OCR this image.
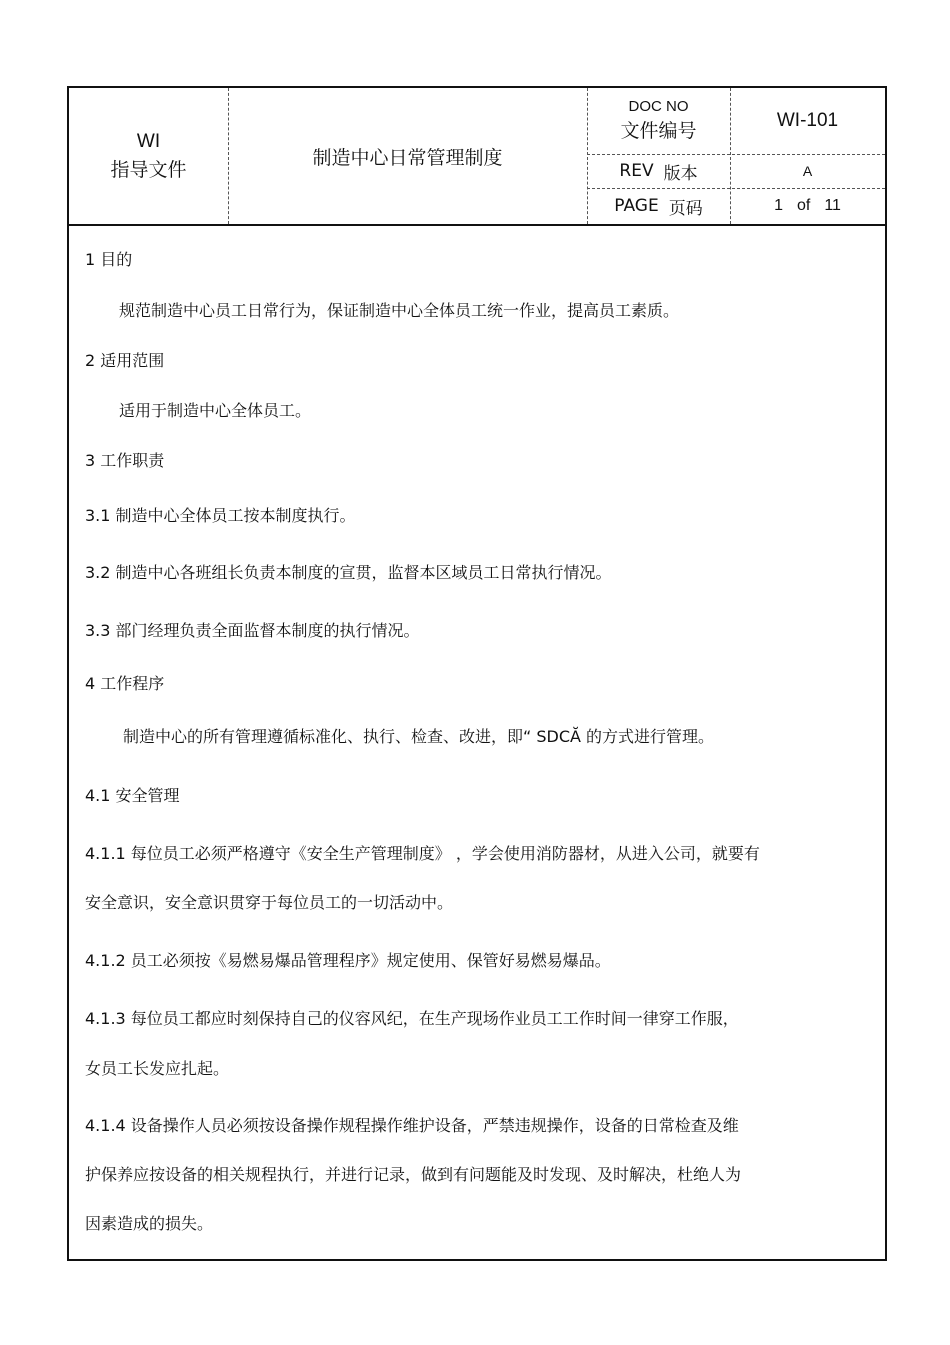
WI
指导文件
制造中心日常管理制度
DOC NO
文件编号	WI-101
REV 版本	A
PAGE 页码	1 of 11
1 目的
规范制造中心员工日常行为，保证制造中心全体员工统一作业，提高员工素质。
2 适用范围
适用于制造中心全体员工。
3 工作职责
3.1 制造中心全体员工按本制度执行。
3.2 制造中心各班组长负责本制度的宣贯，监督本区域员工日常执行情况。
3.3 部门经理负责全面监督本制度的执行情况。
4 工作程序
制造中心的所有管理遵循标准化、执行、检查、改进，即“ SDCĂ 的方式进行管理。
4.1 安全管理
4.1.1 每位员工必须严格遵守《安全生产管理制度》 ，学会使用消防器材，从进入公司，就要有
安全意识，安全意识贯穿于每位员工的一切活动中。
4.1.2 员工必须按《易燃易爆品管理程序》规定使用、保管好易燃易爆品。
4.1.3 每位员工都应时刻保持自己的仪容风纪，在生产现场作业员工工作时间一律穿工作服，
女员工长发应扎起。
4.1.4 设备操作人员必须按设备操作规程操作维护设备，严禁违规操作，设备的日常检查及维
护保养应按设备的相关规程执行，并进行记录，做到有问题能及时发现、及时解决，杜绝人为
因素造成的损失。
